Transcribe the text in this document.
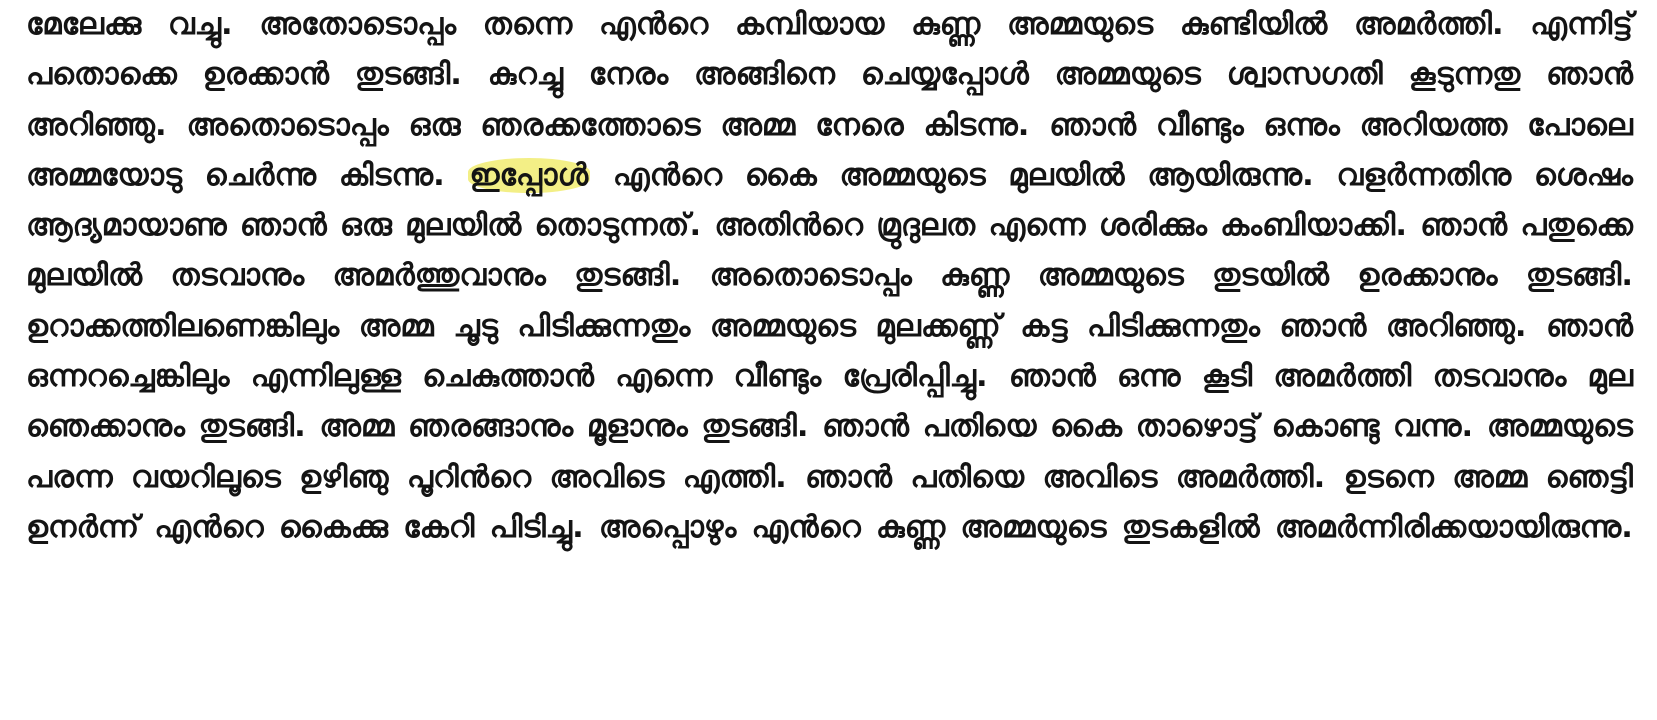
മേലേക്കു വച്ചു. അതോടൊപ്പം തന്നെ എന്‍റെ കമ്പിയായ കുണ്ണ അമ്മയുടെ കുണ്ടിയില്‍ അമര്‍ത്തി. എന്നിട്ട് പതൊക്കെ ഉരക്കാന്‍ തുടങ്ങി. കുറച്ചു നേരം അങ്ങിനെ ചെയ്യപ്പോള്‍ അമ്മയുടെ ശ്വാസഗതി കൂടുന്നതു ഞാന്‍ അറിഞ്ഞു. അതൊടൊപ്പം ഒരു ഞരക്കത്തോടെ അമ്മ നേരെ കിടന്നു. ഞാന്‍ വീണ്ടും ഒന്നും അറിയത്ത പോലെ അമ്മയോടു ചെര്‍ന്നു കിടന്നു. ഇപ്പോള്‍ എന്‍റെ കൈ അമ്മയുടെ മുലയില്‍ ആയിരുന്നു. വളര്‍ന്നതിനു ശെഷം ആദ്യമായാണു ഞാന്‍ ഒരു മുലയില്‍ തൊടുന്നത്. അതിന്‍റെ മ്രുദുലത എന്നെ ശരിക്കും കംബിയാക്കി. ഞാന്‍ പതുക്കെ മുലയില്‍ തടവാനും അമര്‍ത്തുവാനും തുടങ്ങി. അതൊടൊപ്പം കുണ്ണ അമ്മയുടെ തുടയില്‍ ഉരക്കാനും തുടങ്ങി. ഉറാക്കത്തിലണെങ്കിലും അമ്മ ചൂടു പിടിക്കുന്നതും അമ്മയുടെ മുലക്കണ്ണ് കട്ട പിടിക്കുന്നതും ഞാന്‍ അറിഞ്ഞു. ഞാന്‍ ഒന്നറച്ചെങ്കിലും എന്നിലുള്ള ചെകുത്താന്‍ എന്നെ വീണ്ടും പ്രേരിപ്പിച്ചു. ഞാന്‍ ഒന്നു കൂടി അമര്‍ത്തി തടവാനും മുല ഞെക്കാനും തുടങ്ങി. അമ്മ ഞരങ്ങാനും മൂളാനും തുടങ്ങി. ഞാന്‍ പതിയെ കൈ താഴൊട്ട് കൊണ്ടു വന്നു. അമ്മയുടെ പരന്ന വയറിലൂടെ ഉഴിഞു പൂറിന്‍റെ അവിടെ എത്തി. ഞാന്‍ പതിയെ അവിടെ അമര്‍ത്തി. ഉടനെ അമ്മ ഞെട്ടി ഉനര്‍ന്ന് എന്‍റെ കൈക്കു കേറി പിടിച്ചു. അപ്പൊഴും എന്‍റെ കുണ്ണ അമ്മയുടെ തുടകളില്‍ അമര്‍ന്നിരിക്കയായിരുന്നു.
